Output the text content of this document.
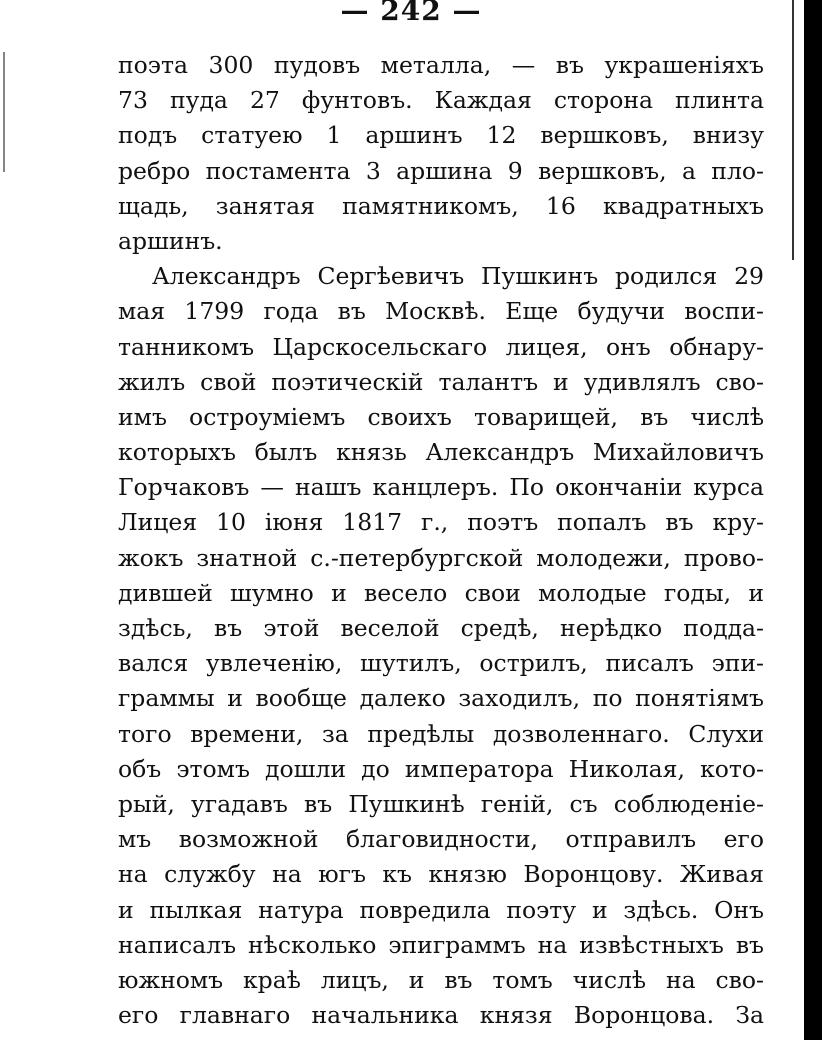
— 242 —
поэта 300 пудовъ металла, — въ украшеніяхъ
73 пуда 27 фунтовъ. Каждая сторона плинта
подъ статуею 1 аршинъ 12 вершковъ, внизу
ребро постамента 3 аршина 9 вершковъ, а пло-
щадь, занятая памятникомъ, 16 квадратныхъ
аршинъ.
Александръ Сергѣевичъ Пушкинъ родился 29
мая 1799 года въ Москвѣ. Еще будучи воспи-
танникомъ Царскосельскаго лицея, онъ обнару-
жилъ свой поэтическій талантъ и удивлялъ сво-
имъ остроуміемъ своихъ товарищей, въ числѣ
которыхъ былъ князь Александръ Михайловичъ
Горчаковъ — нашъ канцлеръ. По окончаніи курса
Лицея 10 іюня 1817 г., поэтъ попалъ въ кру-
жокъ знатной с.-петербургской молодежи, прово-
дившей шумно и весело свои молодые годы, и
здѣсь, въ этой веселой средѣ, нерѣдко подда-
вался увлеченію, шутилъ, острилъ, писалъ эпи-
граммы и вообще далеко заходилъ, по понятіямъ
того времени, за предѣлы дозволеннаго. Слухи
объ этомъ дошли до императора Николая, кото-
рый, угадавъ въ Пушкинѣ геній, съ соблюденіе-
мъ возможной благовидности, отправилъ его
на службу на югъ къ князю Воронцову. Живая
и пылкая натура повредила поэту и здѣсь. Онъ
написалъ нѣсколько эпиграммъ на извѣстныхъ въ
южномъ краѣ лицъ, и въ томъ числѣ на сво-
его главнаго начальника князя Воронцова. За
